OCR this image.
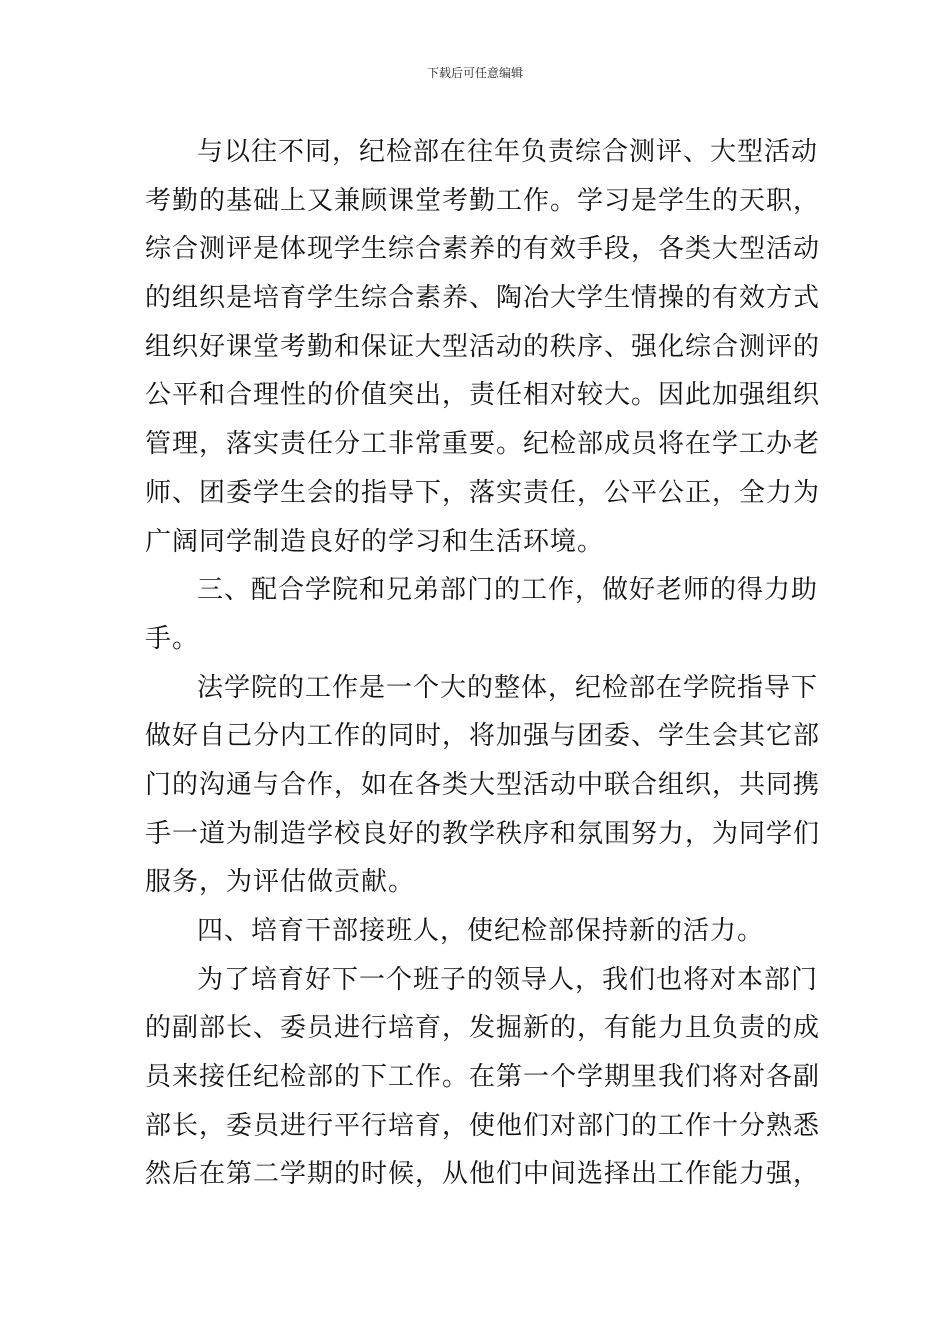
下载后可任意编辑
与以往不同，纪检部在往年负责综合测评、大型活动
考勤的基础上又兼顾课堂考勤工作。学习是学生的天职，
综合测评是体现学生综合素养的有效手段，各类大型活动
的组织是培育学生综合素养、陶冶大学生情操的有效方式
组织好课堂考勤和保证大型活动的秩序、强化综合测评的
公平和合理性的价值突出，责任相对较大。因此加强组织
管理，落实责任分工非常重要。纪检部成员将在学工办老
师、团委学生会的指导下，落实责任，公平公正，全力为
广阔同学制造良好的学习和生活环境。
三、配合学院和兄弟部门的工作，做好老师的得力助
手。
法学院的工作是一个大的整体，纪检部在学院指导下
做好自己分内工作的同时，将加强与团委、学生会其它部
门的沟通与合作，如在各类大型活动中联合组织，共同携
手一道为制造学校良好的教学秩序和氛围努力，为同学们
服务，为评估做贡献。
四、培育干部接班人，使纪检部保持新的活力。
为了培育好下一个班子的领导人，我们也将对本部门
的副部长、委员进行培育，发掘新的，有能力且负责的成
员来接任纪检部的下工作。在第一个学期里我们将对各副
部长，委员进行平行培育，使他们对部门的工作十分熟悉
然后在第二学期的时候，从他们中间选择出工作能力强，
